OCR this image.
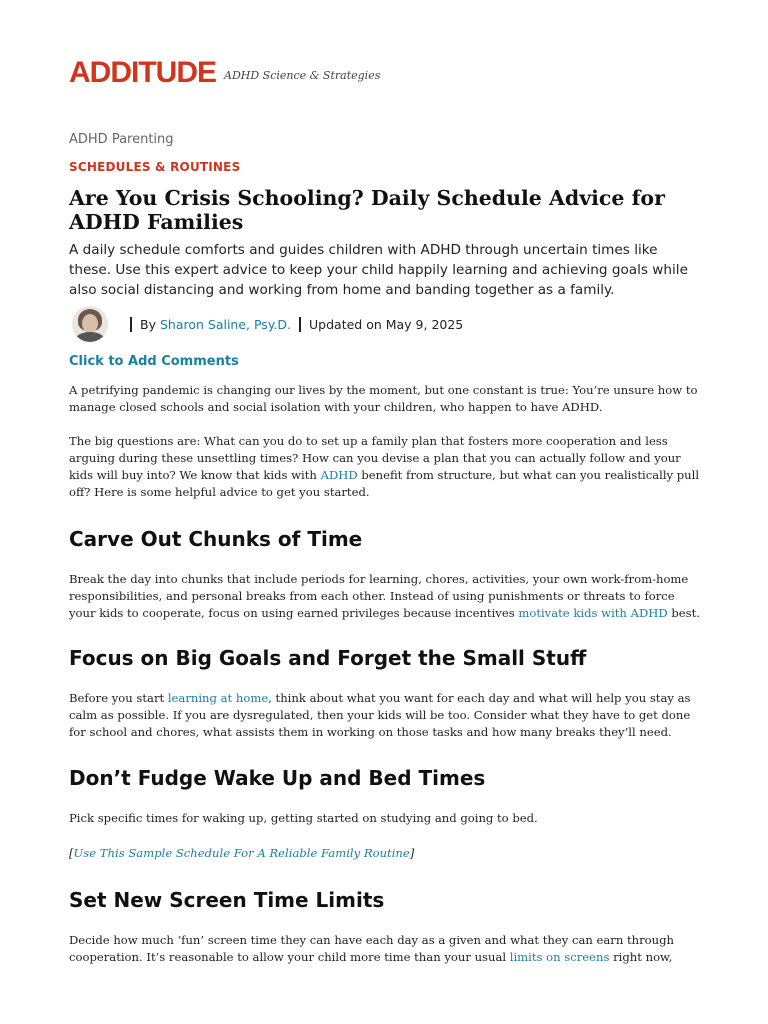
ADDITUDE ADHD Science & Strategies
ADHD Parenting
SCHEDULES & ROUTINES
Are You Crisis Schooling? Daily Schedule Advice for ADHD Families

A daily schedule comforts and guides children with ADHD through uncertain times like these. Use this expert advice to keep your child happily learning and achieving goals while also social distancing and working from home and banding together as a family.

By
Sharon Saline, Psy.D. Updated on May 9, 2025
Click to Add Comments

A petrifying pandemic is changing our lives by the moment, but one constant is true: You’re unsure how to manage closed schools and social isolation with your children, who happen to have ADHD.

The big questions are: What can you do to set up a family plan that fosters more cooperation and less arguing during these unsettling times? How can you devise a plan that you can actually follow and your kids will buy into? We know that kids with ADHD benefit from structure, but what can you realistically pull off? Here is some helpful advice to get you started.

Carve Out Chunks of Time

Break the day into chunks that include periods for learning, chores, activities, your own work-from-home responsibilities, and personal breaks from each other. Instead of using punishments or threats to force your kids to cooperate, focus on using earned privileges because incentives motivate kids with ADHD best.

Focus on Big Goals and Forget the Small Stuff

Before you start learning at home, think about what you want for each day and what will help you stay as calm as possible. If you are dysregulated, then your kids will be too. Consider what they have to get done for school and chores, what assists them in working on those tasks and how many breaks they’ll need.

Don’t Fudge Wake Up and Bed Times

Pick specific times for waking up, getting started on studying and going to bed.

[Use This Sample Schedule For A Reliable Family Routine]

Set New Screen Time Limits

Decide how much ‘fun’ screen time they can have each day as a given and what they can earn through cooperation. It’s reasonable to allow your child more time than your usual limits on screens right now,
